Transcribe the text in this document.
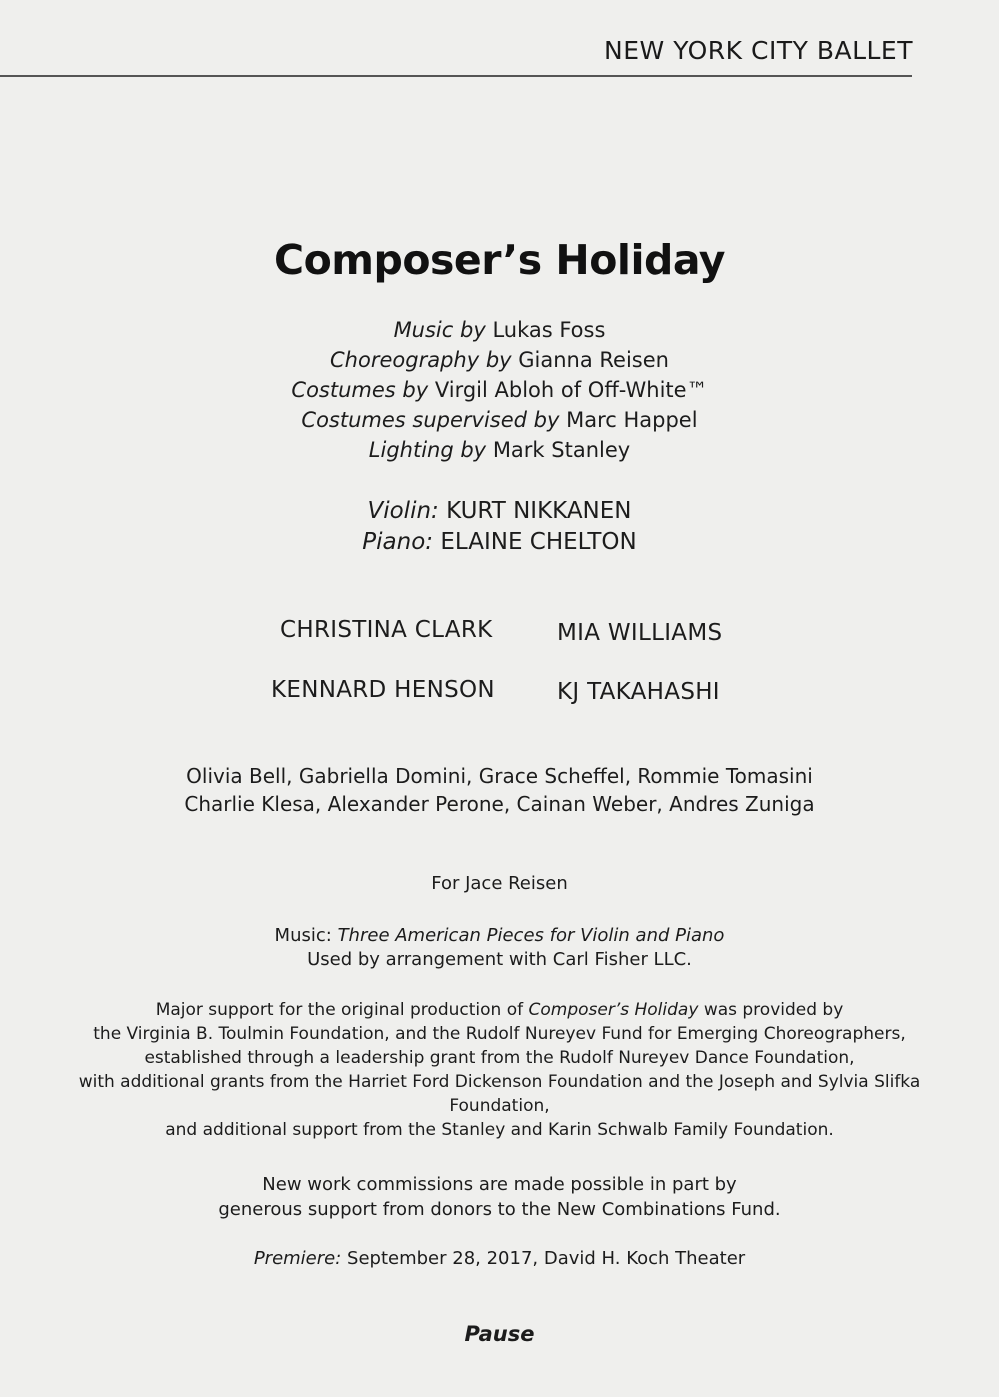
NEW YORK CITY BALLET
Composer’s Holiday
Music by Lukas Foss
Choreography by Gianna Reisen
Costumes by Virgil Abloh of Off-White™
Costumes supervised by Marc Happel
Lighting by Mark Stanley
Violin: KURT NIKKANEN
Piano: ELAINE CHELTON
CHRISTINA CLARK	MIA WILLIAMS
KENNARD HENSON	KJ TAKAHASHI
Olivia Bell, Gabriella Domini, Grace Scheffel, Rommie Tomasini
Charlie Klesa, Alexander Perone, Cainan Weber, Andres Zuniga
For Jace Reisen
Music: Three American Pieces for Violin and Piano
Used by arrangement with Carl Fisher LLC.
Major support for the original production of Composer’s Holiday was provided by
the Virginia B. Toulmin Foundation, and the Rudolf Nureyev Fund for Emerging Choreographers,
established through a leadership grant from the Rudolf Nureyev Dance Foundation,
with additional grants from the Harriet Ford Dickenson Foundation and the Joseph and Sylvia Slifka
Foundation,
and additional support from the Stanley and Karin Schwalb Family Foundation.
New work commissions are made possible in part by
generous support from donors to the New Combinations Fund.
Premiere: September 28, 2017, David H. Koch Theater
Pause
